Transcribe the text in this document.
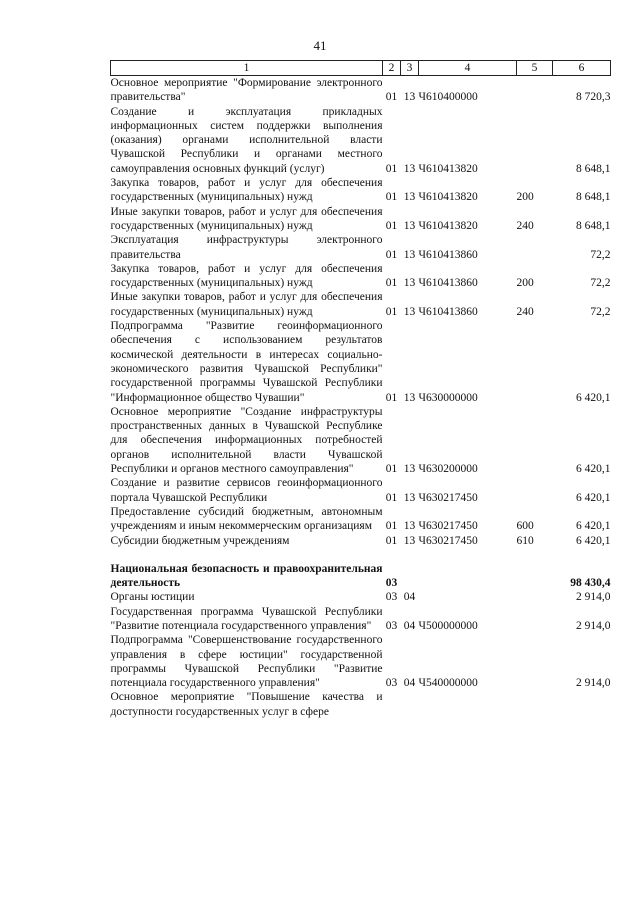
41
1	2	3	4	5	6
Основное мероприятие "Формирование электронного правительства"	01	13	Ч610400000		8 720,3
Создание и эксплуатация прикладных информационных систем поддержки выполнения (оказания) органами исполнительной власти Чувашской Республики и органами местного самоуправления основных функций (услуг)	01	13	Ч610413820		8 648,1
Закупка товаров, работ и услуг для обеспечения государственных (муниципальных) нужд	01	13	Ч610413820	200	8 648,1
Иные закупки товаров, работ и услуг для обеспечения государственных (муниципальных) нужд	01	13	Ч610413820	240	8 648,1
Эксплуатация инфраструктуры электронного правительства	01	13	Ч610413860		72,2
Закупка товаров, работ и услуг для обеспечения государственных (муниципальных) нужд	01	13	Ч610413860	200	72,2
Иные закупки товаров, работ и услуг для обеспечения государственных (муниципальных) нужд	01	13	Ч610413860	240	72,2
Подпрограмма "Развитие геоинформационного обеспечения с использованием результатов космической деятельности в интересах социально-экономического развития Чувашской Республики" государственной программы Чувашской Республики "Информационное общество Чувашии"	01	13	Ч630000000		6 420,1
Основное мероприятие "Создание инфраструктуры пространственных данных в Чувашской Республике для обеспечения информационных потребностей органов исполнительной власти Чувашской Республики и органов местного самоуправления"	01	13	Ч630200000		6 420,1
Создание и развитие сервисов геоинформационного портала Чувашской Республики	01	13	Ч630217450		6 420,1
Предоставление субсидий бюджетным, автономным учреждениям и иным некоммерческим организациям	01	13	Ч630217450	600	6 420,1
Субсидии бюджетным учреждениям	01	13	Ч630217450	610	6 420,1

Национальная безопасность и правоохранительная деятельность	03				98 430,4
Органы юстиции	03	04			2 914,0
Государственная программа Чувашской Республики "Развитие потенциала государственного управления"	03	04	Ч500000000		2 914,0
Подпрограмма "Совершенствование государственного управления в сфере юстиции" государственной программы Чувашской Республики "Развитие потенциала государственного управления"	03	04	Ч540000000		2 914,0
Основное мероприятие "Повышение качества и доступности государственных услуг в сфере					
